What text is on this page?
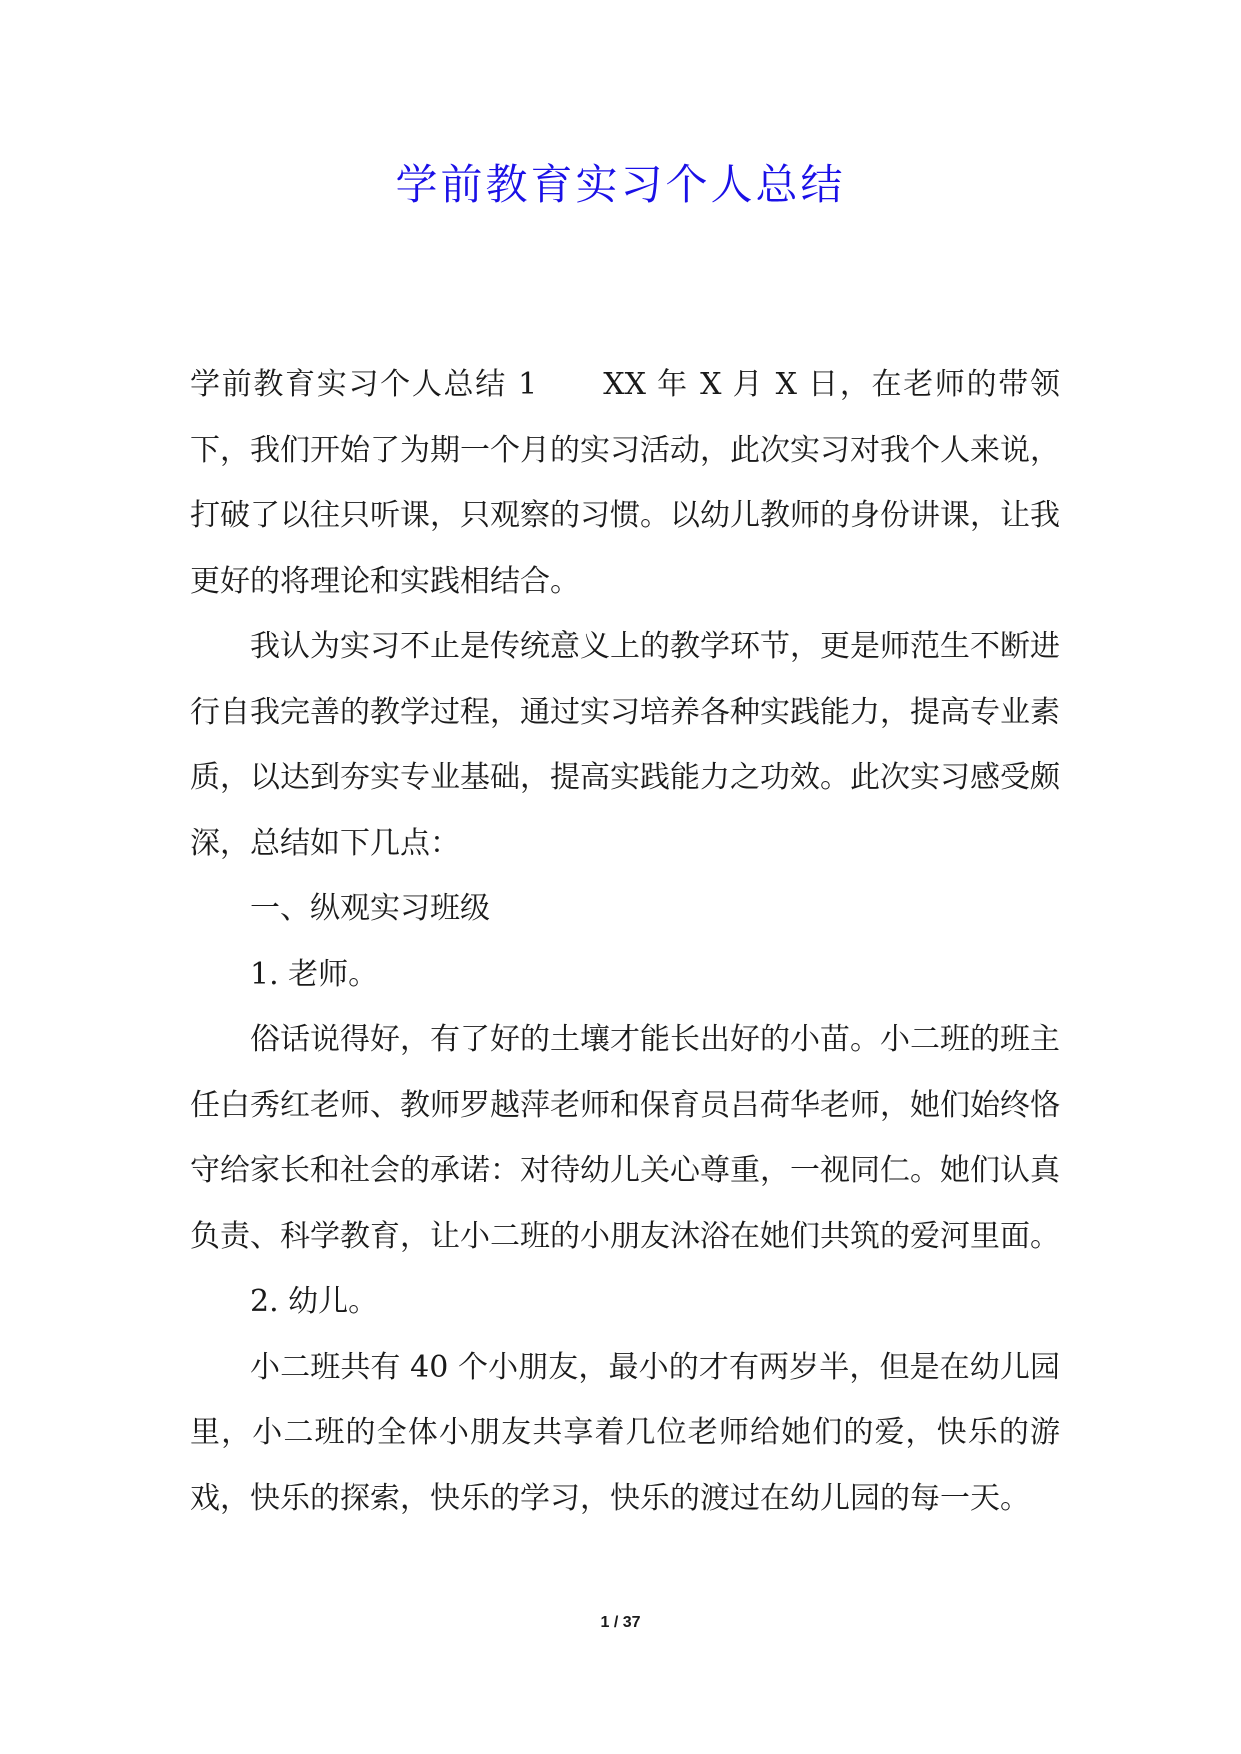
学前教育实习个人总结

学前教育实习个人总结 1 XX 年 X 月 X 日，在老师的带领下，我们开始了为期一个月的实习活动，此次实习对我个人来说，打破了以往只听课，只观察的习惯。以幼儿教师的身份讲课，让我更好的将理论和实践相结合。

我认为实习不止是传统意义上的教学环节，更是师范生不断进行自我完善的教学过程，通过实习培养各种实践能力，提高专业素质，以达到夯实专业基础，提高实践能力之功效。此次实习感受颇深，总结如下几点：

一、纵观实习班级

1. 老师。

俗话说得好，有了好的土壤才能长出好的小苗。小二班的班主任白秀红老师、教师罗越萍老师和保育员吕荷华老师，她们始终恪守给家长和社会的承诺：对待幼儿关心尊重，一视同仁。她们认真负责、科学教育，让小二班的小朋友沐浴在她们共筑的爱河里面。

2. 幼儿。

小二班共有 40 个小朋友，最小的才有两岁半，但是在幼儿园里，小二班的全体小朋友共享着几位老师给她们的爱，快乐的游戏，快乐的探索，快乐的学习，快乐的渡过在幼儿园的每一天。

1 / 37
